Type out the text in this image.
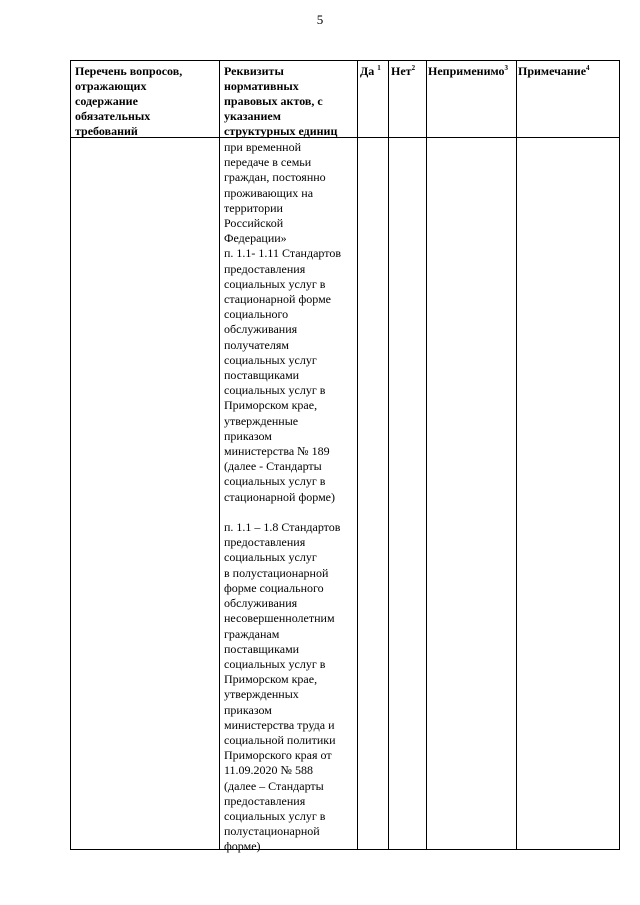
5
Перечень вопросов,
отражающих
содержание
обязательных
требований
Реквизиты
нормативных
правовых актов, с
указанием
структурных единиц
Да $^1$ Нет$^2$ Неприменимо$^3$ Примечание$^4$
при временной
передаче в семьи
граждан, постоянно
проживающих на
территории
Российской
Федерации»
п. 1.1- 1.11 Стандартов
предоставления
социальных услуг в
стационарной форме
социального
обслуживания
получателям
социальных услуг
поставщиками
социальных услуг в
Приморском крае,
утвержденные
приказом
министерства № 189
(далее - Стандарты
социальных услуг в
стационарной форме)

п. 1.1 – 1.8 Стандартов
предоставления
социальных услуг
в полустационарной
форме социального
обслуживания
несовершеннолетним
гражданам
поставщиками
социальных услуг в
Приморском крае,
утвержденных
приказом
министерства труда и
социальной политики
Приморского края от
11.09.2020 № 588
(далее – Стандарты
предоставления
социальных услуг в
полустационарной
форме)
